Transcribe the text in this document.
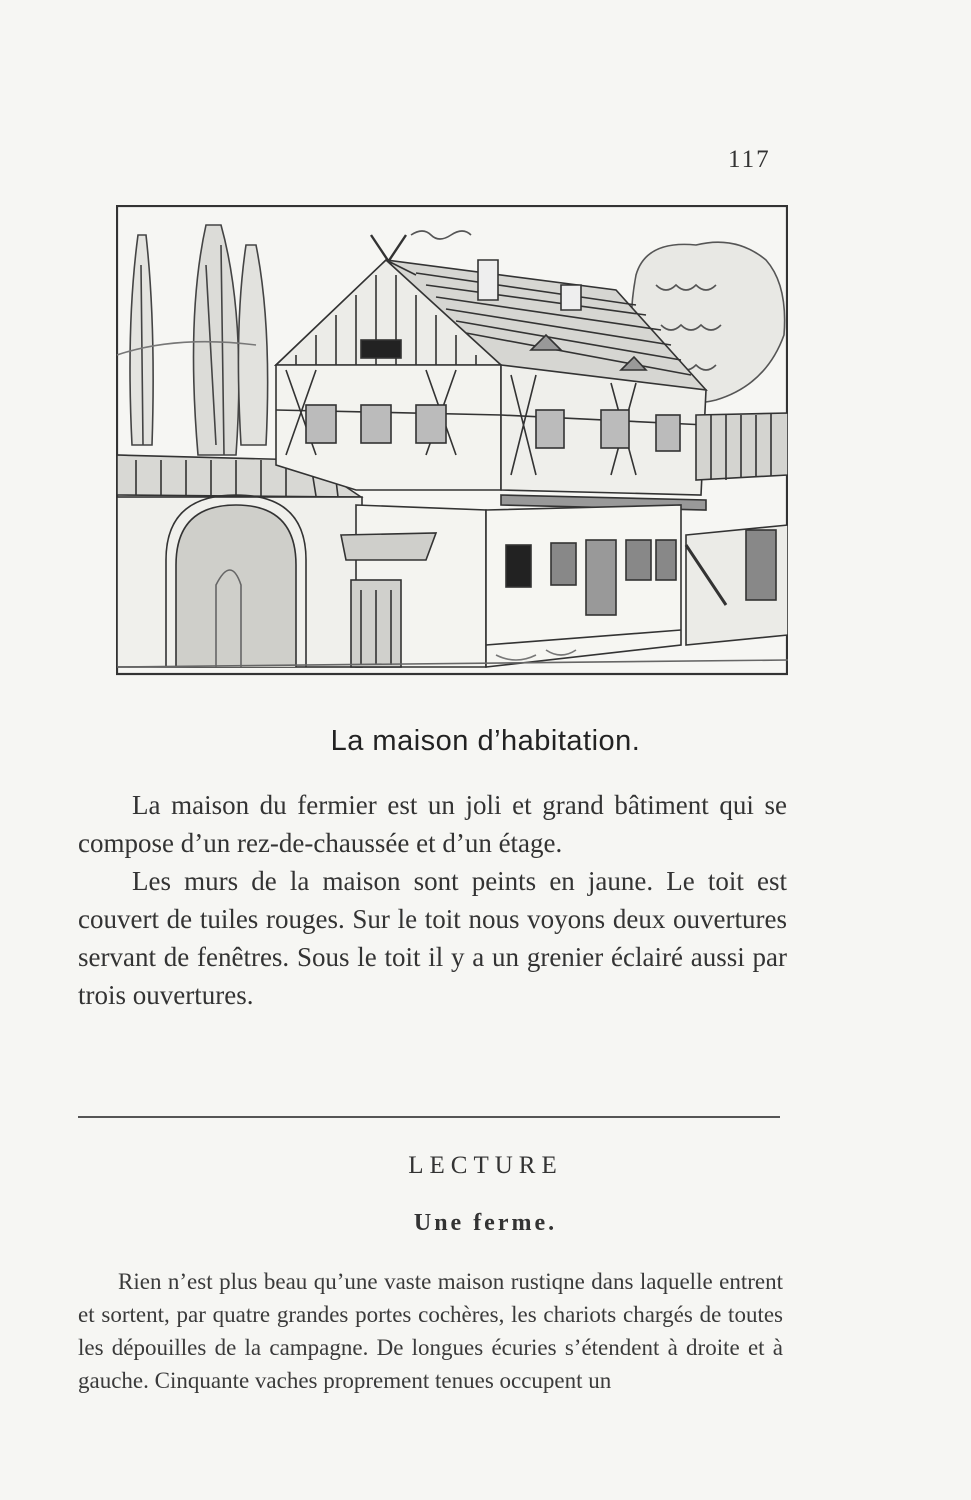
117
La maison d’habitation.

La maison du fermier est un joli et grand bâtiment qui se compose d’un rez-de-chaussée et d’un étage.

Les murs de la maison sont peints en jaune. Le toit est couvert de tuiles rouges. Sur le toit nous voyons deux ouvertures servant de fenêtres. Sous le toit il y a un grenier éclairé aussi par trois ouvertures.

LECTURE
Une ferme.

Rien n’est plus beau qu’une vaste maison rustiqne dans laquelle entrent et sortent, par quatre grandes portes cochères, les chariots chargés de toutes les dépouilles de la campagne. De longues écuries s’étendent à droite et à gauche. Cinquante vaches proprement tenues occupent un
